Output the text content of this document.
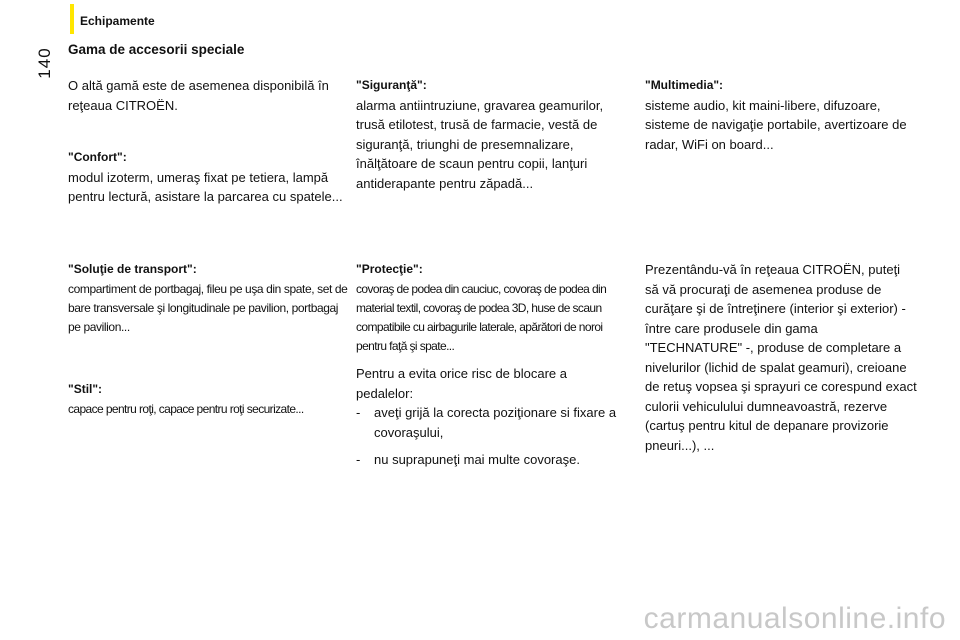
Echipamente
140	Gama de accesorii speciale

O altă gamă este de asemenea disponibilă în reţeaua CITROËN.

"Confort":

modul izoterm, umeraş fixat pe tetiera, lampă pentru lectură, asistare la parcarea cu spatele...

"Soluţie de transport":

compartiment de portbagaj, fileu pe uşa din spate, set de bare transversale şi longitudinale pe pavilion, portbagaj pe pavilion...

"Stil":

capace pentru roţi, capace pentru roţi securizate...

"Siguranţă":

alarma antiintruziune, gravarea geamurilor, trusă etilotest, trusă de farmacie, vestă de siguranţă, triunghi de presemnalizare, înălţătoare de scaun pentru copii, lanţuri antiderapante pentru zăpadă...

"Protecţie":

covoraş de podea din cauciuc, covoraş de podea din material textil, covoraş de podea 3D, huse de scaun compatibile cu airbagurile laterale, apărători de noroi pentru faţă şi spate...

Pentru a evita orice risc de blocare a pedalelor:

-	aveţi grijă la corecta poziţionare si fixare a covoraşului,
-	nu suprapuneţi mai multe covoraşe.

"Multimedia":

sisteme audio, kit maini-libere, difuzoare, sisteme de navigaţie portabile, avertizoare de radar, WiFi on board...

Prezentându-vă în reţeaua CITROËN, puteţi să vă procuraţi de asemenea produse de curăţare şi de întreţinere (interior şi exterior) - între care produsele din gama "TECHNATURE" -, produse de completare a nivelurilor (lichid de spalat geamuri), creioane de retuş vopsea şi sprayuri ce corespund exact culorii vehiculului dumneavoastră, rezerve (cartuş pentru kitul de depanare provizorie pneuri...), ...

carmanualsonline.info
